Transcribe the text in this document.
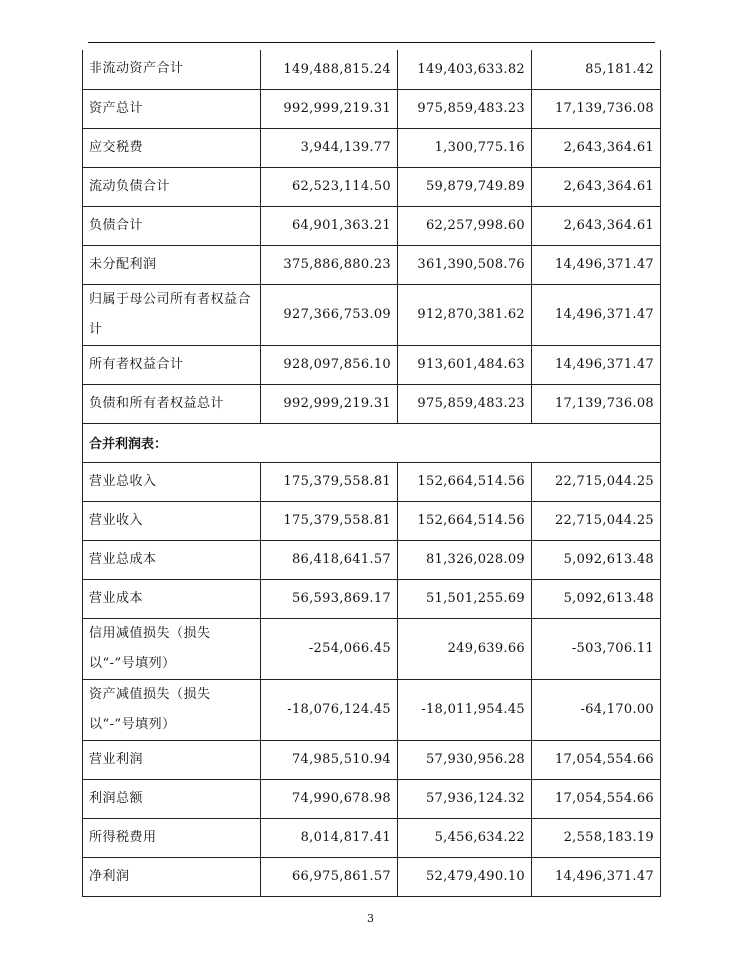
非流动资产合计	149,488,815.24	149,403,633.82	85,181.42
资产总计	992,999,219.31	975,859,483.23	17,139,736.08
应交税费	3,944,139.77	1,300,775.16	2,643,364.61
流动负债合计	62,523,114.50	59,879,749.89	2,643,364.61
负债合计	64,901,363.21	62,257,998.60	2,643,364.61
未分配利润	375,886,880.23	361,390,508.76	14,496,371.47
归属于母公司所有者权益合计	927,366,753.09	912,870,381.62	14,496,371.47
所有者权益合计	928,097,856.10	913,601,484.63	14,496,371.47
负债和所有者权益总计	992,999,219.31	975,859,483.23	17,139,736.08
合并利润表：			
营业总收入	175,379,558.81	152,664,514.56	22,715,044.25
营业收入	175,379,558.81	152,664,514.56	22,715,044.25
营业总成本	86,418,641.57	81,326,028.09	5,092,613.48
营业成本	56,593,869.17	51,501,255.69	5,092,613.48
信用减值损失（损失以“-”号填列）	-254,066.45	249,639.66	-503,706.11
资产减值损失（损失以“-”号填列）	-18,076,124.45	-18,011,954.45	-64,170.00
营业利润	74,985,510.94	57,930,956.28	17,054,554.66
利润总额	74,990,678.98	57,936,124.32	17,054,554.66
所得税费用	8,014,817.41	5,456,634.22	2,558,183.19
净利润	66,975,861.57	52,479,490.10	14,496,371.47
3
